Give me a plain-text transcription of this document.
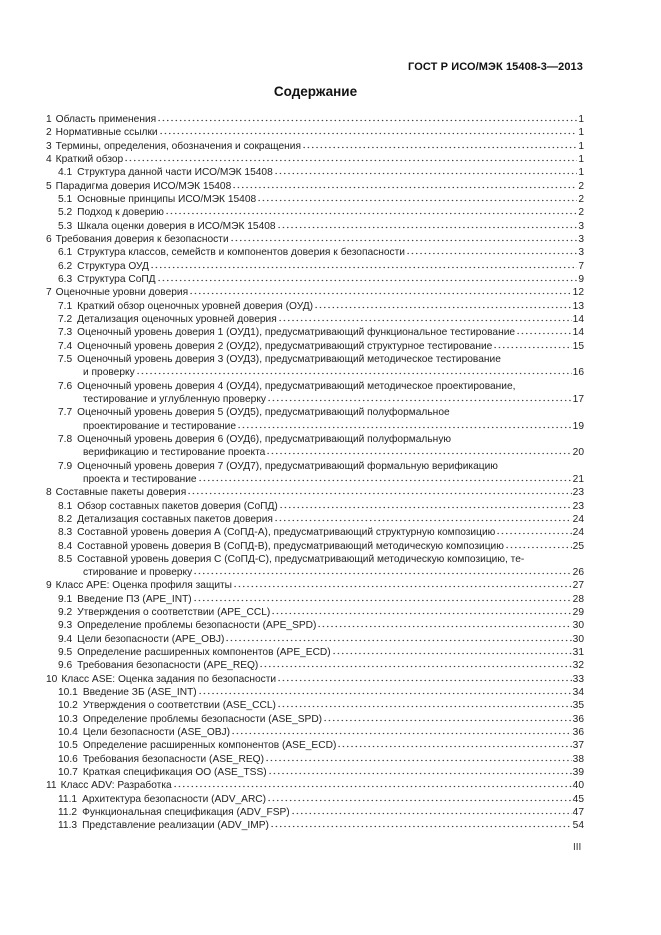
ГОСТ Р ИСО/МЭК 15408-3—2013
Содержание
1 Область применения	1
2 Нормативные ссылки	1
3 Термины, определения, обозначения и сокращения	1
4 Краткий обзор	1
4.1 Структура данной части ИСО/МЭК 15408	1
5 Парадигма доверия ИСО/МЭК 15408	2
5.1 Основные принципы ИСО/МЭК 15408	2
5.2 Подход к доверию	2
5.3 Шкала оценки доверия в ИСО/МЭК 15408	3
6 Требования доверия к безопасности	3
6.1 Структура классов, семейств и компонентов доверия к безопасности	3
6.2 Структура ОУД	7
6.3 Структура СоПД	9
7 Оценочные уровни доверия	12
7.1 Краткий обзор оценочных уровней доверия (ОУД)	13
7.2 Детализация оценочных уровней доверия	14
7.3 Оценочный уровень доверия 1 (ОУД1), предусматривающий функциональное тестирование	14
7.4 Оценочный уровень доверия 2 (ОУД2), предусматривающий структурное тестирование	15
7.5 Оценочный уровень доверия 3 (ОУД3), предусматривающий методическое тестирование
и проверку	16
7.6 Оценочный уровень доверия 4 (ОУД4), предусматривающий методическое проектирование,
тестирование и углубленную проверку	17
7.7 Оценочный уровень доверия 5 (ОУД5), предусматривающий полуформальное
проектирование и тестирование	19
7.8 Оценочный уровень доверия 6 (ОУД6), предусматривающий полуформальную
верификацию и тестирование проекта	20
7.9 Оценочный уровень доверия 7 (ОУД7), предусматривающий формальную верификацию
проекта и тестирование	21
8 Составные пакеты доверия	23
8.1 Обзор составных пакетов доверия (СоПД)	23
8.2 Детализация составных пакетов доверия	24
8.3 Составной уровень доверия А (СоПД-А), предусматривающий структурную композицию	24
8.4 Составной уровень доверия В (СоПД-В), предусматривающий методическую композицию	25
8.5 Составной уровень доверия С (СоПД-С), предусматривающий методическую композицию, те-
стирование и проверку	26
9 Класс АРЕ: Оценка профиля защиты	27
9.1 Введение ПЗ (APE_INT)	28
9.2 Утверждения о соответствии (APE_CCL)	29
9.3 Определение проблемы безопасности (APE_SPD)	30
9.4 Цели безопасности (APE_OBJ)	30
9.5 Определение расширенных компонентов (APE_ECD)	31
9.6 Требования безопасности (APE_REQ)	32
10 Класс ASE: Оценка задания по безопасности	33
10.1 Введение ЗБ (ASE_INT)	34
10.2 Утверждения о соответствии (ASE_CCL)	35
10.3 Определение проблемы безопасности (ASE_SPD)	36
10.4 Цели безопасности (ASE_OBJ)	36
10.5 Определение расширенных компонентов (ASE_ECD)	37
10.6 Требования безопасности (ASE_REQ)	38
10.7 Краткая спецификация ОО (ASE_TSS)	39
11 Класс ADV: Разработка	40
11.1 Архитектура безопасности (ADV_ARC)	45
11.2 Функциональная спецификация (ADV_FSP)	47
11.3 Представление реализации (ADV_IMP)	54
III
